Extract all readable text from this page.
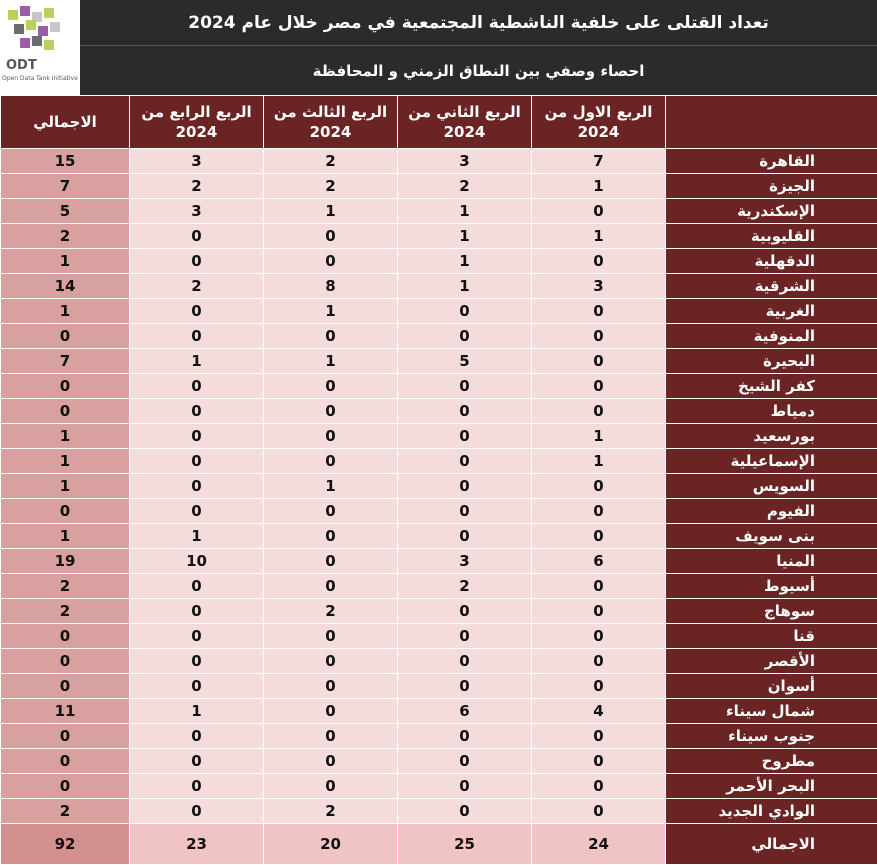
تعداد القتلى على خلفية الناشطية المجتمعية في مصر خلال عام 2024
احصاء وصفي بين النطاق الزمني و المحافظة
ODT
Open Data Tank Initiative
الاجمالي	الربع الرابع من 2024	الربع الثالث من 2024	الربع الثاني من 2024	الربع الاول من 2024	
15	3	2	3	7	القاهرة
7	2	2	2	1	الجيزة
5	3	1	1	0	الإسكندرية
2	0	0	1	1	القليوبية
1	0	0	1	0	الدقهلية
14	2	8	1	3	الشرقية
1	0	1	0	0	الغربية
0	0	0	0	0	المنوفية
7	1	1	5	0	البحيرة
0	0	0	0	0	كفر الشيخ
0	0	0	0	0	دمياط
1	0	0	0	1	بورسعيد
1	0	0	0	1	الإسماعيلية
1	0	1	0	0	السويس
0	0	0	0	0	الفيوم
1	1	0	0	0	بنى سويف
19	10	0	3	6	المنيا
2	0	0	2	0	أسيوط
2	0	2	0	0	سوهاج
0	0	0	0	0	قنا
0	0	0	0	0	الأقصر
0	0	0	0	0	أسوان
11	1	0	6	4	شمال سيناء
0	0	0	0	0	جنوب سيناء
0	0	0	0	0	مطروح
0	0	0	0	0	البحر الأحمر
2	0	2	0	0	الوادي الجديد
92	23	20	25	24	الاجمالي
